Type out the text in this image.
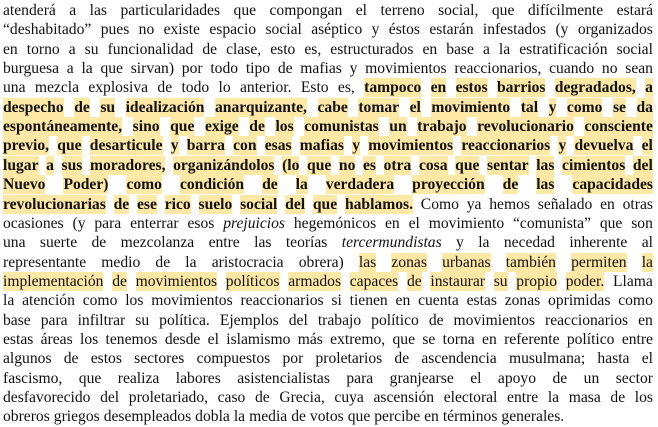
atenderá a las particularidades que compongan el terreno social, que difícilmente estará
“deshabitado” pues no existe espacio social aséptico y éstos estarán infestados (y organizados
en torno a su funcionalidad de clase, esto es, estructurados en base a la estratificación social
burguesa a la que sirvan) por todo tipo de mafias y movimientos reaccionarios, cuando no sean
una mezcla explosiva de todo lo anterior. Esto es, tampoco en estos barrios degradados, a
despecho de su idealización anarquizante, cabe tomar el movimiento tal y como se da
espontáneamente, sino que exige de los comunistas un trabajo revolucionario consciente
previo, que desarticule y barra con esas mafias y movimientos reaccionarios y devuelva el
lugar a sus moradores, organizándolos (lo que no es otra cosa que sentar las cimientos del
Nuevo Poder) como condición de la verdadera proyección de las capacidades
revolucionarias de ese rico suelo social del que hablamos. Como ya hemos señalado en otras
ocasiones (y para enterrar esos prejuicios hegemónicos en el movimiento “comunista” que son
una suerte de mezcolanza entre las teorías tercermundistas y la necedad inherente al
representante medio de la aristocracia obrera) las zonas urbanas también permiten la
implementación de movimientos políticos armados capaces de instaurar su propio poder. Llama
la atención como los movimientos reaccionarios si tienen en cuenta estas zonas oprimidas como
base para infiltrar su política. Ejemplos del trabajo político de movimientos reaccionarios en
estas áreas los tenemos desde el islamismo más extremo, que se torna en referente político entre
algunos de estos sectores compuestos por proletarios de ascendencia musulmana; hasta el
fascismo, que realiza labores asistencialistas para granjearse el apoyo de un sector
desfavorecido del proletariado, caso de Grecia, cuya ascensión electoral entre la masa de los
obreros griegos desempleados dobla la media de votos que percibe en términos generales.
